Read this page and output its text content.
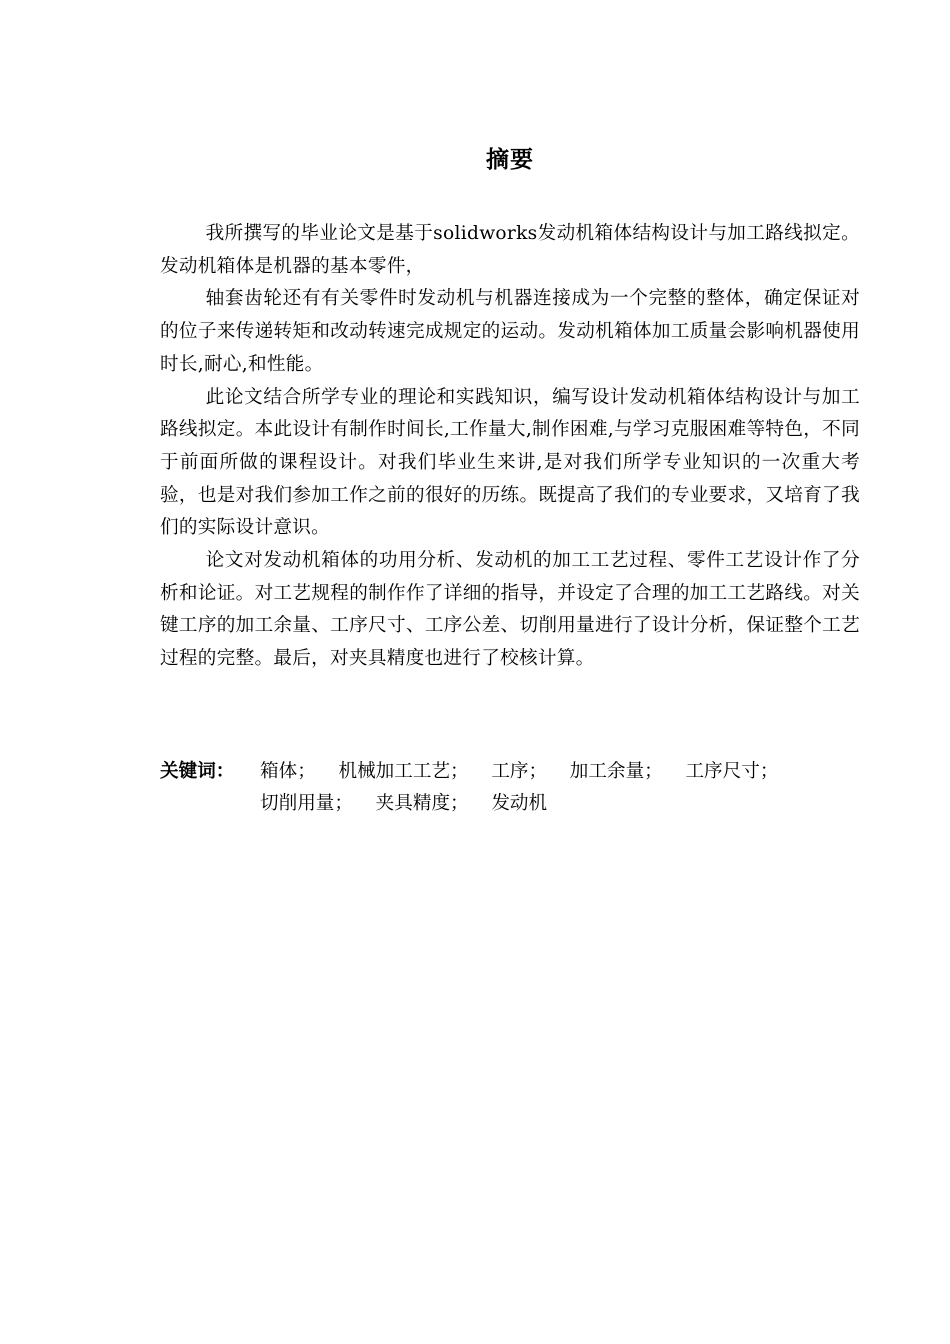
摘要

我所撰写的毕业论文是基于solidworks发动机箱体结构设计与加工路线拟定。发动机箱体是机器的基本零件，

轴套齿轮还有有关零件时发动机与机器连接成为一个完整的整体，确定保证对的位子来传递转矩和改动转速完成规定的运动。发动机箱体加工质量会影响机器使用时长,耐心,和性能。

此论文结合所学专业的理论和实践知识，编写设计发动机箱体结构设计与加工路线拟定。本此设计有制作时间长,工作量大,制作困难,与学习克服困难等特色，不同于前面所做的课程设计。对我们毕业生来讲,是对我们所学专业知识的一次重大考验，也是对我们参加工作之前的很好的历练。既提高了我们的专业要求，又培育了我们的实际设计意识。

论文对发动机箱体的功用分析、发动机的加工工艺过程、零件工艺设计作了分析和论证。对工艺规程的制作作了详细的指导，并设定了合理的加工工艺路线。对关键工序的加工余量、工序尺寸、工序公差、切削用量进行了设计分析，保证整个工艺过程的完整。最后，对夹具精度也进行了校核计算。

关键词： 箱体； 机械加工工艺； 工序； 加工余量； 工序尺寸； 切削用量； 夹具精度； 发动机
